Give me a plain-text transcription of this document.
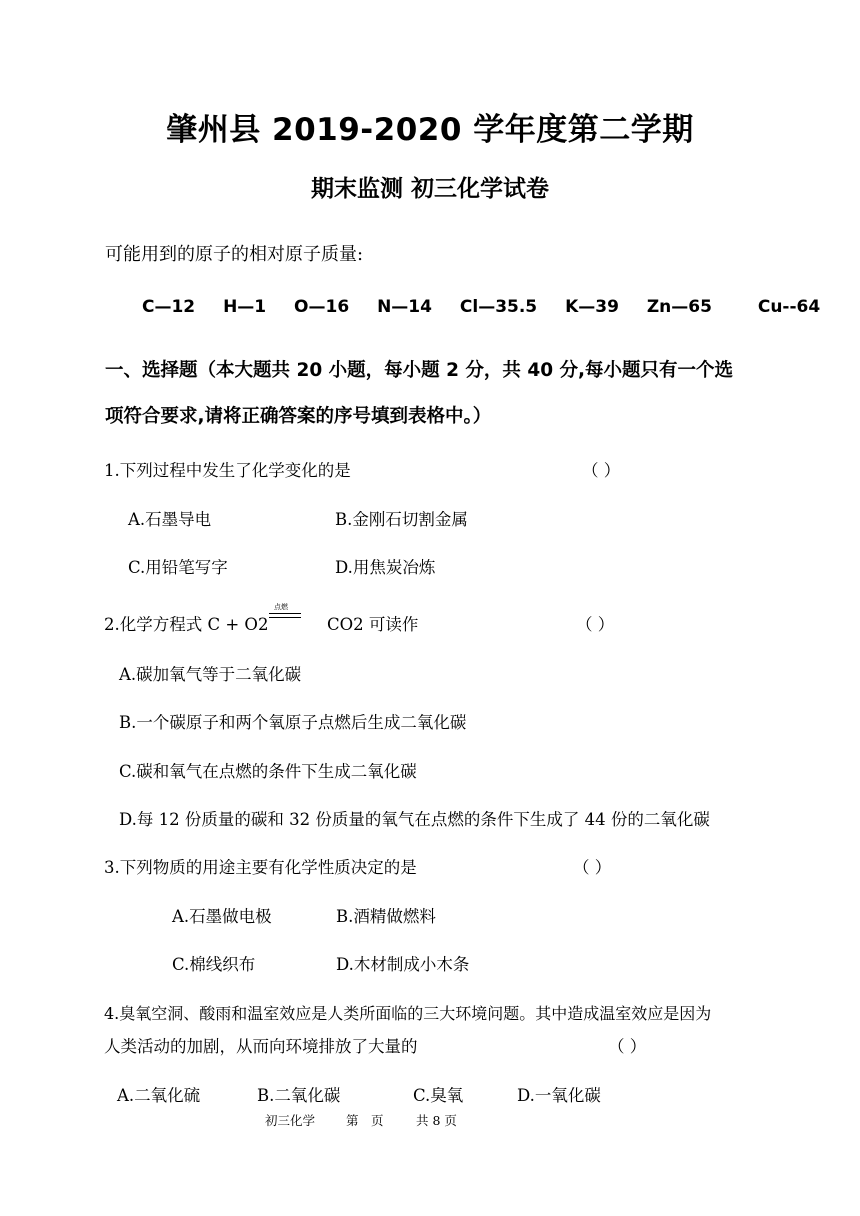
肇州县 2019-2020 学年度第二学期
期末监测 初三化学试卷
可能用到的原子的相对原子质量:
C—12 H—1 O—16 N—14 Cl—35.5 K—39 Zn—65	Cu--64
一、选择题（本大题共 20 小题，每小题 2 分，共 40 分,每小题只有一个选
项符合要求,请将正确答案的序号填到表格中。）
1.下列过程中发生了化学变化的是	（ ）
A.石墨导电	B.金刚石切割金属
C.用铅笔写字	D.用焦炭冶炼
2.化学方程式 C + O2
点燃
CO2 可读作	（ ）
A.碳加氧气等于二氧化碳
B.一个碳原子和两个氧原子点燃后生成二氧化碳
C.碳和氧气在点燃的条件下生成二氧化碳
D.每 12 份质量的碳和 32 份质量的氧气在点燃的条件下生成了 44 份的二氧化碳
3.下列物质的用途主要有化学性质决定的是	（ ）
A.石墨做电极	B.酒精做燃料
C.棉线织布	D.木材制成小木条
4.臭氧空洞、酸雨和温室效应是人类所面临的三大环境问题。其中造成温室效应是因为
人类活动的加剧，从而向环境排放了大量的	（ ）
A.二氧化硫	B.二氧化碳	C.臭氧	D.一氧化碳
初三化学 第　页	共 8 页
